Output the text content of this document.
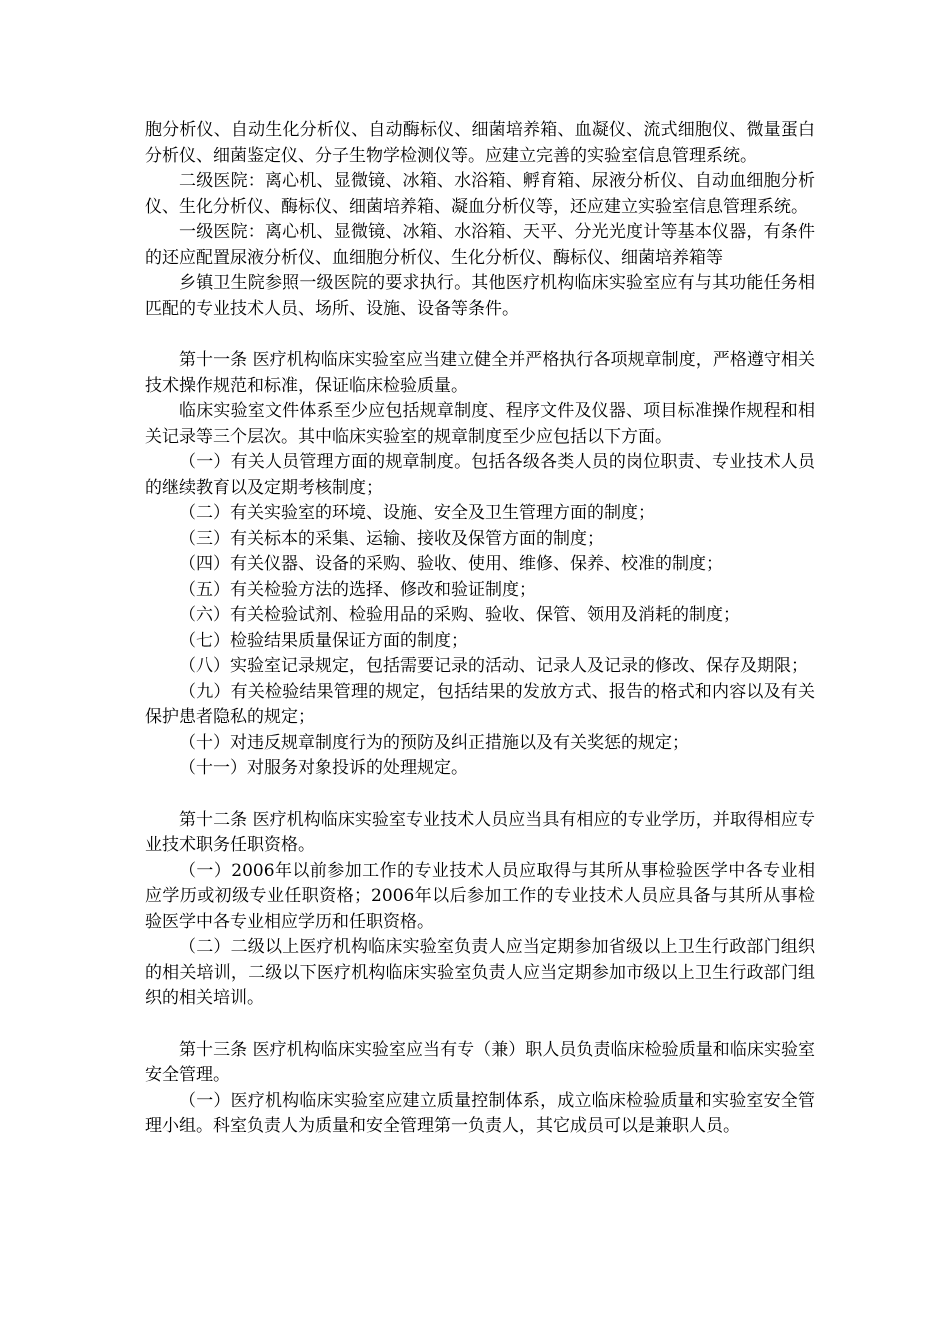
胞分析仪、自动生化分析仪、自动酶标仪、细菌培养箱、血凝仪、流式细胞仪、微量蛋白分析仪、细菌鉴定仪、分子生物学检测仪等。应建立完善的实验室信息管理系统。

二级医院：离心机、显微镜、冰箱、水浴箱、孵育箱、尿液分析仪、自动血细胞分析仪、生化分析仪、酶标仪、细菌培养箱、凝血分析仪等，还应建立实验室信息管理系统。

一级医院：离心机、显微镜、冰箱、水浴箱、天平、分光光度计等基本仪器，有条件的还应配置尿液分析仪、血细胞分析仪、生化分析仪、酶标仪、细菌培养箱等

乡镇卫生院参照一级医院的要求执行。其他医疗机构临床实验室应有与其功能任务相匹配的专业技术人员、场所、设施、设备等条件。

第十一条 医疗机构临床实验室应当建立健全并严格执行各项规章制度，严格遵守相关技术操作规范和标准，保证临床检验质量。

临床实验室文件体系至少应包括规章制度、程序文件及仪器、项目标准操作规程和相关记录等三个层次。其中临床实验室的规章制度至少应包括以下方面。

（一）有关人员管理方面的规章制度。包括各级各类人员的岗位职责、专业技术人员的继续教育以及定期考核制度；

（二）有关实验室的环境、设施、安全及卫生管理方面的制度；

（三）有关标本的采集、运输、接收及保管方面的制度；

（四）有关仪器、设备的采购、验收、使用、维修、保养、校准的制度；

（五）有关检验方法的选择、修改和验证制度；

（六）有关检验试剂、检验用品的采购、验收、保管、领用及消耗的制度；

（七）检验结果质量保证方面的制度；

（八）实验室记录规定，包括需要记录的活动、记录人及记录的修改、保存及期限；

（九）有关检验结果管理的规定，包括结果的发放方式、报告的格式和内容以及有关保护患者隐私的规定；

（十）对违反规章制度行为的预防及纠正措施以及有关奖惩的规定；

（十一）对服务对象投诉的处理规定。

第十二条 医疗机构临床实验室专业技术人员应当具有相应的专业学历，并取得相应专业技术职务任职资格。

（一）2006年以前参加工作的专业技术人员应取得与其所从事检验医学中各专业相应学历或初级专业任职资格；2006年以后参加工作的专业技术人员应具备与其所从事检验医学中各专业相应学历和任职资格。

（二）二级以上医疗机构临床实验室负责人应当定期参加省级以上卫生行政部门组织的相关培训，二级以下医疗机构临床实验室负责人应当定期参加市级以上卫生行政部门组织的相关培训。

第十三条 医疗机构临床实验室应当有专（兼）职人员负责临床检验质量和临床实验室安全管理。

（一）医疗机构临床实验室应建立质量控制体系，成立临床检验质量和实验室安全管理小组。科室负责人为质量和安全管理第一负责人，其它成员可以是兼职人员。
